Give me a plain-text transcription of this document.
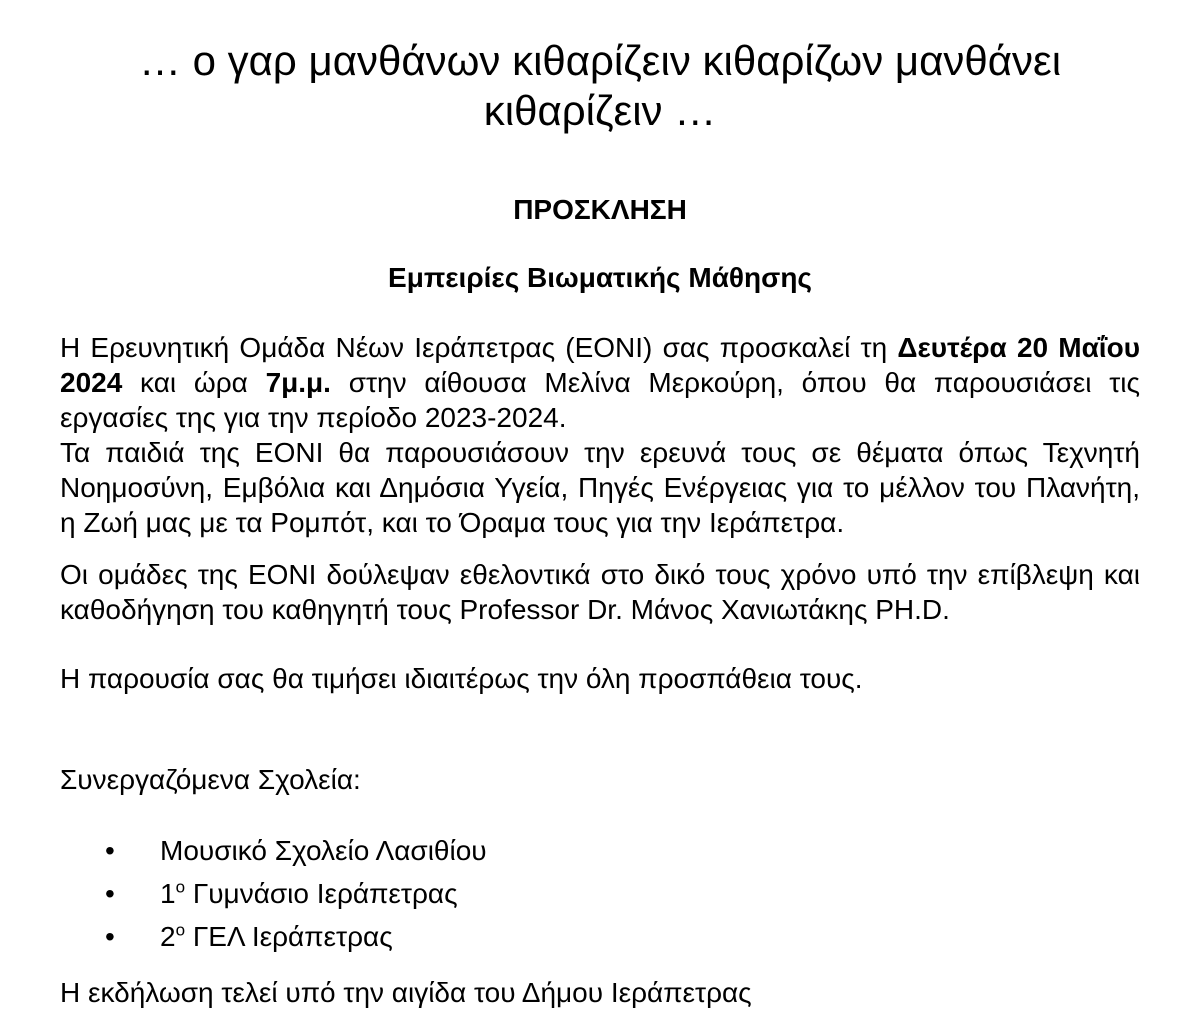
… ο γαρ μανθάνων κιθαρίζειν κιθαρίζων μανθάνει κιθαρίζειν …
ΠΡΟΣΚΛΗΣΗ
Εμπειρίες Βιωματικής Μάθησης

Η Ερευνητική Ομάδα Νέων Ιεράπετρας (ΕΟΝΙ) σας προσκαλεί τη Δευτέρα 20 Μαΐου 2024 και ώρα 7μ.μ. στην αίθουσα Μελίνα Μερκούρη, όπου θα παρουσιάσει τις εργασίες της για την περίοδο 2023-2024.

Τα παιδιά της ΕΟΝΙ θα παρουσιάσουν την ερευνά τους σε θέματα όπως Τεχνητή Νοημοσύνη, Εμβόλια και Δημόσια Υγεία, Πηγές Ενέργειας για το μέλλον του Πλανήτη, η Ζωή μας με τα Ρομπότ, και το Όραμα τους για την Ιεράπετρα.

Οι ομάδες της ΕΟΝΙ δούλεψαν εθελοντικά στο δικό τους χρόνο υπό την επίβλεψη και καθοδήγηση του καθηγητή τους Professor Dr. Μάνος Χανιωτάκης PH.D.

Η παρουσία σας θα τιμήσει ιδιαιτέρως την όλη προσπάθεια τους.

Συνεργαζόμενα Σχολεία:
•	Μουσικό Σχολείο Λασιθίου
•	$1^o$ Γυμνάσιο Ιεράπετρας
•	$2^o$ ΓΕΛ Ιεράπετρας
Η εκδήλωση τελεί υπό την αιγίδα του Δήμου Ιεράπετρας
